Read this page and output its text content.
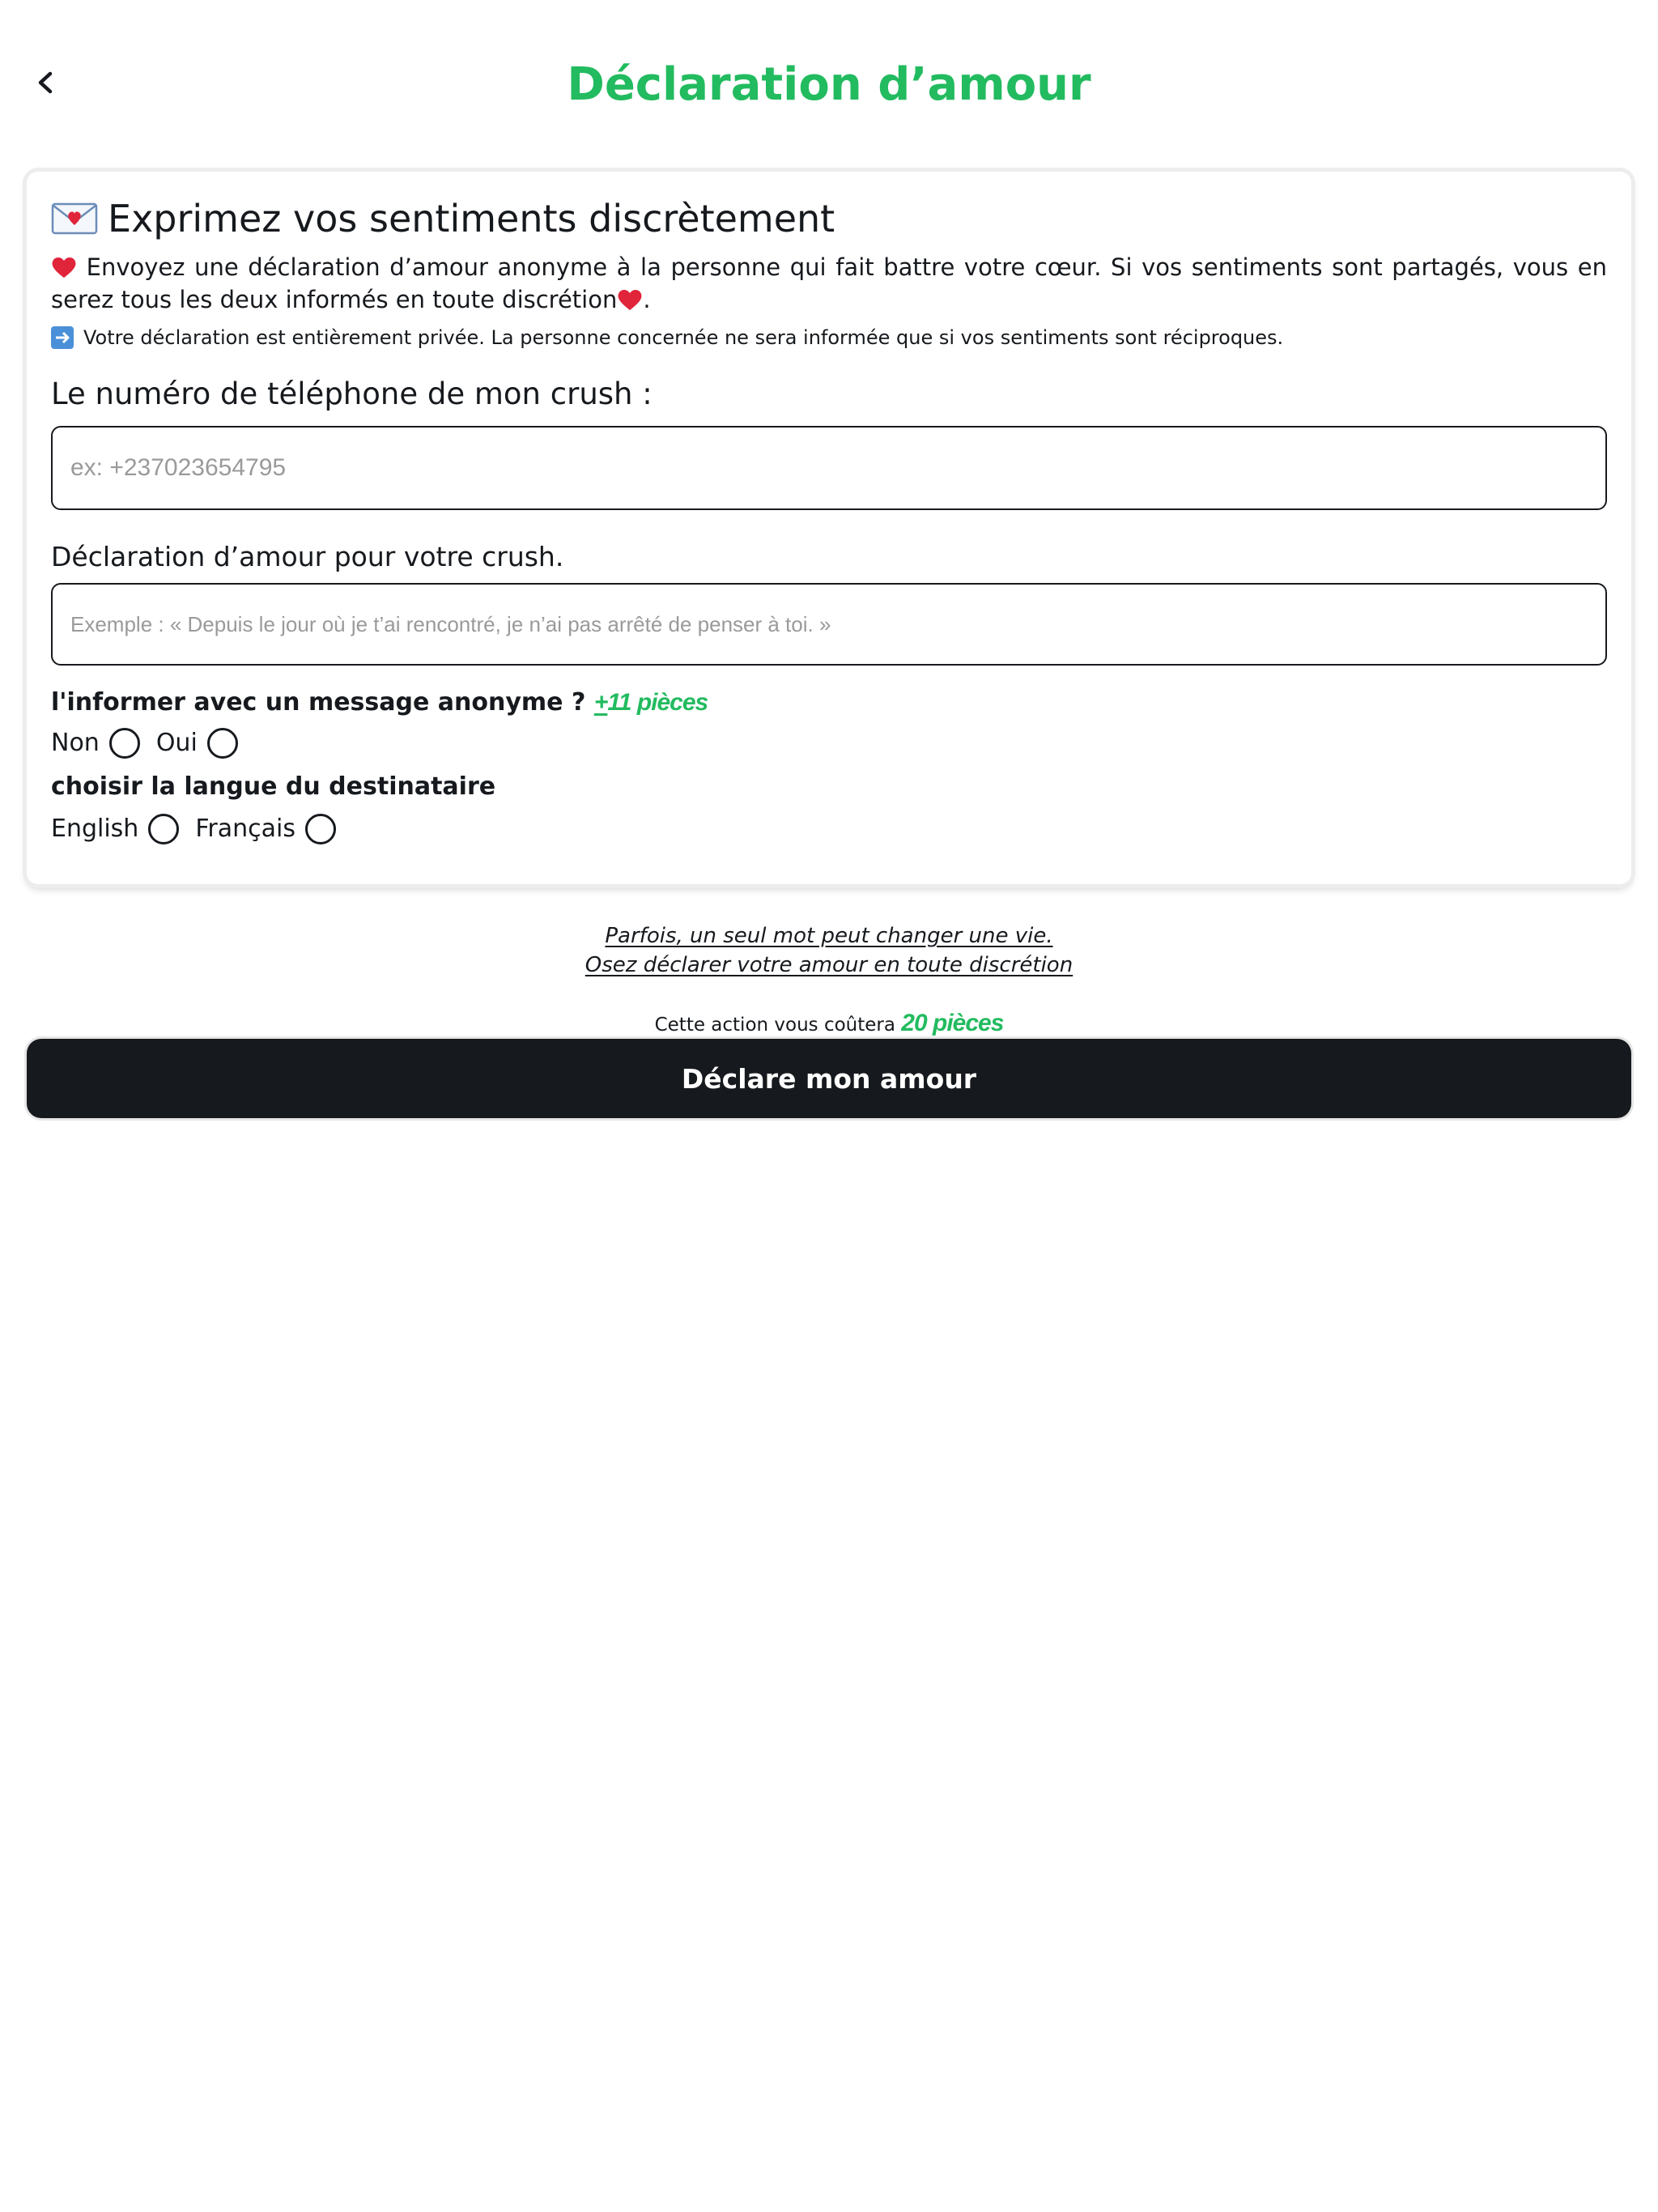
Déclaration d’amour
Exprimez vos sentiments discrètement
Envoyez une déclaration d’amour anonyme à la personne qui fait battre votre cœur. Si vos sentiments sont partagés, vous en serez tous les deux informés en toute discrétion .
Votre déclaration est entièrement privée. La personne concernée ne sera informée que si vos sentiments sont réciproques.
Le numéro de téléphone de mon crush :
ex: +237023654795
Déclaration d’amour pour votre crush.
Exemple : « Depuis le jour où je t’ai rencontré, je n’ai pas arrêté de penser à toi. »
l'informer avec un message anonyme ? +11 pièces
Non Oui
choisir la langue du destinataire
English Français
Parfois, un seul mot peut changer une vie.
Osez déclarer votre amour en toute discrétion
Cette action vous coûtera 20 pièces
Déclare mon amour
